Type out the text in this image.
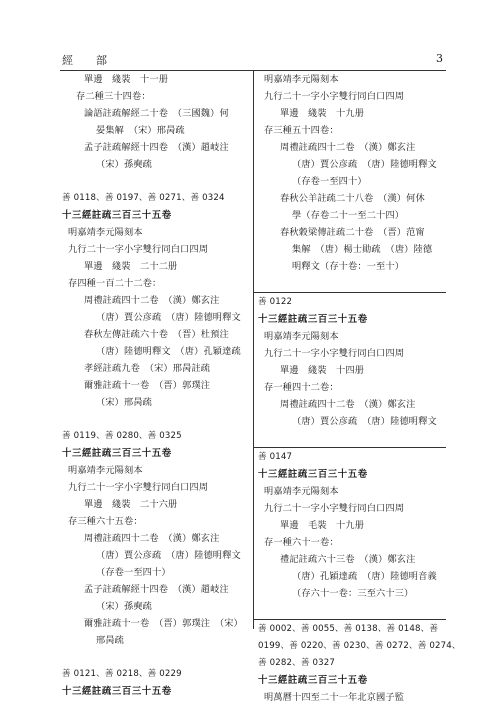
經　部	3
單邊　綫裝　十一册
存二種三十四卷：
論語註疏解經二十卷　（三國魏）何
晏集解　（宋）邢昺疏
孟子註疏解經十四卷　（漢）趙岐注
（宋）孫奭疏
善 0118、善 0197、善 0271、善 0324
十三經註疏三百三十五卷
明嘉靖李元陽刻本
九行二十一字小字雙行同白口四周
單邊　綫裝　二十二册
存四種一百二十二卷：
周禮註疏四十二卷　（漢）鄭玄注
（唐）賈公彦疏　（唐）陸德明釋文
春秋左傳註疏六十卷　（晋）杜預注
（唐）陸德明釋文　（唐）孔穎達疏
孝經註疏九卷　（宋）邢昺註疏
爾雅註疏十一卷　（晋）郭璞注
（宋）邢昺疏
善 0119、善 0280、善 0325
十三經註疏三百三十五卷
明嘉靖李元陽刻本
九行二十一字小字雙行同白口四周
單邊　綫裝　二十六册
存三種六十五卷：
周禮註疏四十二卷　（漢）鄭玄注
（唐）賈公彦疏　（唐）陸德明釋文
（存卷一至四十）
孟子註疏解經十四卷　（漢）趙岐注
（宋）孫奭疏
爾雅註疏十一卷　（晋）郭璞注　（宋）
邢昺疏
善 0121、善 0218、善 0229
十三經註疏三百三十五卷
明嘉靖李元陽刻本
九行二十一字小字雙行同白口四周
單邊　綫裝　十九册
存三種五十四卷：
周禮註疏四十二卷　（漢）鄭玄注
（唐）賈公彦疏　（唐）陸德明釋文
（存卷一至四十）
春秋公羊註疏二十八卷　（漢）何休
學（存卷二十一至二十四）
春秋穀梁傳註疏二十卷　（晋）范甯
集解　（唐）楊士勛疏　（唐）陸德
明釋文（存十卷：一至十）
善 0122
十三經註疏三百三十五卷
明嘉靖李元陽刻本
九行二十一字小字雙行同白口四周
單邊　綫裝　十四册
存一種四十二卷：
周禮註疏四十二卷　（漢）鄭玄注
（唐）賈公彦疏　（唐）陸德明釋文
善 0147
十三經註疏三百三十五卷
明嘉靖李元陽刻本
九行二十一字小字雙行同白口四周
單邊　毛裝　十九册
存一種六十一卷：
禮記註疏六十三卷　（漢）鄭玄注
（唐）孔穎達疏　（唐）陸德明音義
（存六十一卷：三至六十三）
善 0002、善 0055、善 0138、善 0148、善
0199、善 0220、善 0230、善 0272、善 0274、
善 0282、善 0327
十三經註疏三百三十五卷
明萬曆十四至二十一年北京國子監
